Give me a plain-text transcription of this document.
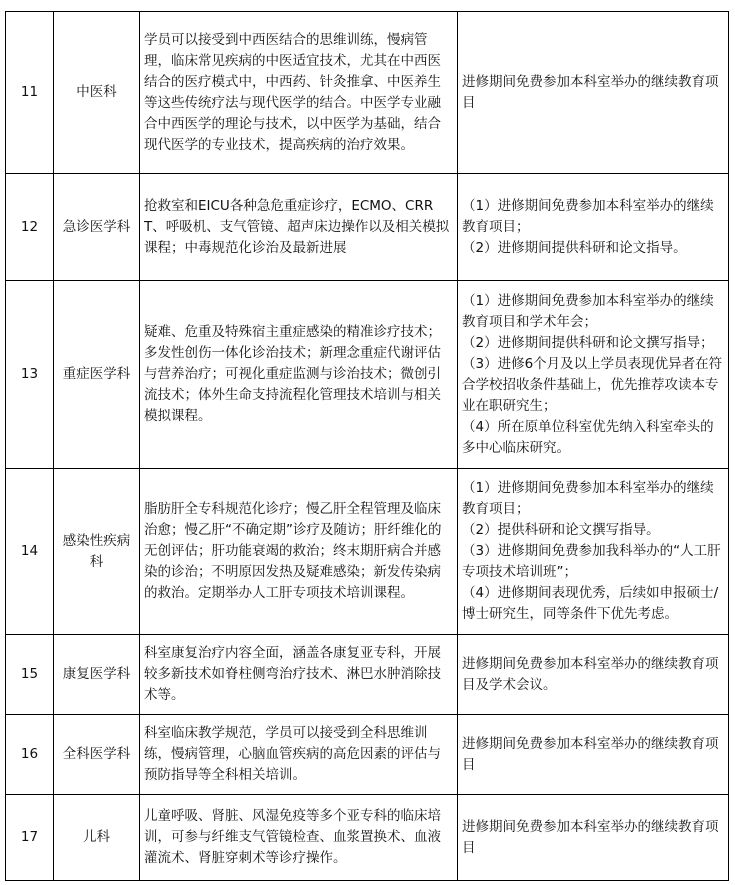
11	中医科	学员可以接受到中西医结合的思维训练，慢病管理，临床常见疾病的中医适宜技术，尤其在中西医结合的医疗模式中，中西药、针灸推拿、中医养生等这些传统疗法与现代医学的结合。中医学专业融合中西医学的理论与技术，以中医学为基础，结合现代医学的专业技术，提高疾病的治疗效果。	进修期间免费参加本科室举办的继续教育项目

12	急诊医学科	抢救室和EICU各种急危重症诊疗，ECMO、CRRT、呼吸机、支气管镜、超声床边操作以及相关模拟课程；中毒规范化诊治及最新进展	（1）进修期间免费参加本科室举办的继续教育项目；
（2）进修期间提供科研和论文指导。

13	重症医学科	疑难、危重及特殊宿主重症感染的精准诊疗技术；多发性创伤一体化诊治技术；新理念重症代谢评估与营养治疗；可视化重症监测与诊治技术；微创引流技术；体外生命支持流程化管理技术培训与相关模拟课程。	（1）进修期间免费参加本科室举办的继续教育项目和学术年会；
（2）进修期间提供科研和论文撰写指导；
（3）进修6个月及以上学员表现优异者在符合学校招收条件基础上，优先推荐攻读本专业在职研究生；
（4）所在原单位科室优先纳入科室牵头的多中心临床研究。

14	感染性疾病科	脂肪肝全专科规范化诊疗；慢乙肝全程管理及临床治愈；慢乙肝“不确定期”诊疗及随访；肝纤维化的无创评估；肝功能衰竭的救治；终末期肝病合并感染的诊治；不明原因发热及疑难感染；新发传染病的救治。定期举办人工肝专项技术培训课程。	（1）进修期间免费参加本科室举办的继续教育项目；
（2）提供科研和论文撰写指导。
（3）进修期间免费参加我科举办的“人工肝专项技术培训班”；
（4）进修期间表现优秀，后续如申报硕士/博士研究生，同等条件下优先考虑。

15	康复医学科	科室康复治疗内容全面，涵盖各康复亚专科，开展较多新技术如脊柱侧弯治疗技术、淋巴水肿消除技术等。	进修期间免费参加本科室举办的继续教育项目及学术会议。

16	全科医学科	科室临床教学规范，学员可以接受到全科思维训练，慢病管理，心脑血管疾病的高危因素的评估与预防指导等全科相关培训。	进修期间免费参加本科室举办的继续教育项目

17	儿科	儿童呼吸、肾脏、风湿免疫等多个亚专科的临床培训，可参与纤维支气管镜检查、血浆置换术、血液灌流术、肾脏穿刺术等诊疗操作。	进修期间免费参加本科室举办的继续教育项目
